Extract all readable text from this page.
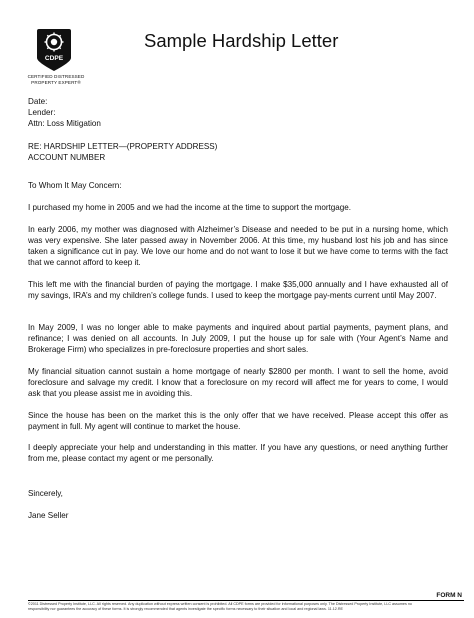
CDPE
CERTIFIED DISTRESSED
PROPERTY EXPERT®
Sample Hardship Letter
Date:
Lender:
Attn: Loss Mitigation
RE: HARDSHIP LETTER—(PROPERTY ADDRESS)
ACCOUNT NUMBER

To Whom It May Concern:

I purchased my home in 2005 and we had the income at the time to support the mortgage.

In early 2006, my mother was diagnosed with Alzheimer’s Disease and needed to be put in a nursing home, which was very expensive. She later passed away in November 2006. At this time, my husband lost his job and has since taken a significance cut in pay. We love our home and do not want to lose it but we have come to terms with the fact that we cannot afford to keep it.

This left me with the financial burden of paying the mortgage. I make $35,000 annually and I have exhausted all of my savings, IRA’s and my children’s college funds. I used to keep the mortgage pay-ments current until May 2007.

In May 2009, I was no longer able to make payments and inquired about partial payments, payment plans, and refinance; I was denied on all accounts. In July 2009, I put the house up for sale with (Your Agent’s Name and Brokerage Firm) who specializes in pre-foreclosure properties and short sales.

My financial situation cannot sustain a home mortgage of nearly $2800 per month. I want to sell the home, avoid foreclosure and salvage my credit. I know that a foreclosure on my record will affect me for years to come, I would ask that you please assist me in avoiding this.

Since the house has been on the market this is the only offer that we have received. Please accept this offer as payment in full. My agent will continue to market the house.

I deeply appreciate your help and understanding in this matter. If you have any questions, or need anything further from me, please contact my agent or me personally.

Sincerely,

Jane Seller

FORM N
©2011 Distressed Property Institute, LLC. All rights reserved. Any duplication without express written consent is prohibited. All CDPE forms are provided for informational purposes only. The Distressed Property Institute, LLC assumes no
responsibility nor guarantees the accuracy of these forms. It is strongly recommended that agents investigate the specific forms necessary to their situation and local and regional laws. 11.12.RE
